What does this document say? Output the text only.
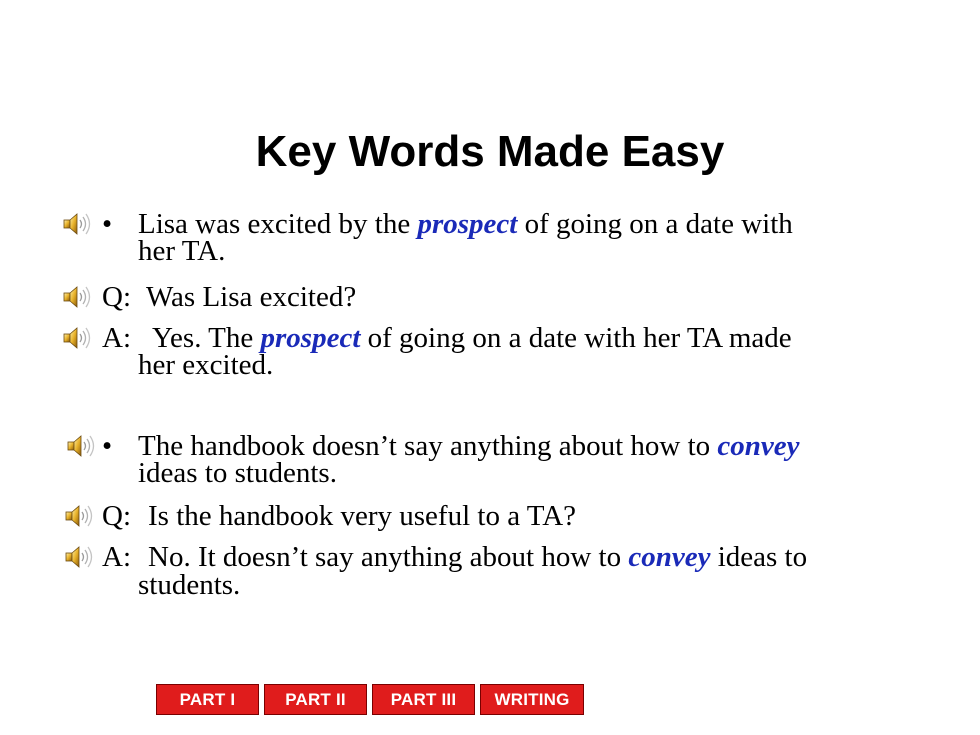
Key Words Made Easy
• Lisa was excited by the prospect of going on a date with
her TA.
Q: Was Lisa excited?
A: Yes. The prospect of going on a date with her TA made
her excited.
• The handbook doesn’t say anything about how to convey
ideas to students.
Q: Is the handbook very useful to a TA?
A: No. It doesn’t say anything about how to convey ideas to
students.
PART I	PART II	PART III	WRITING
